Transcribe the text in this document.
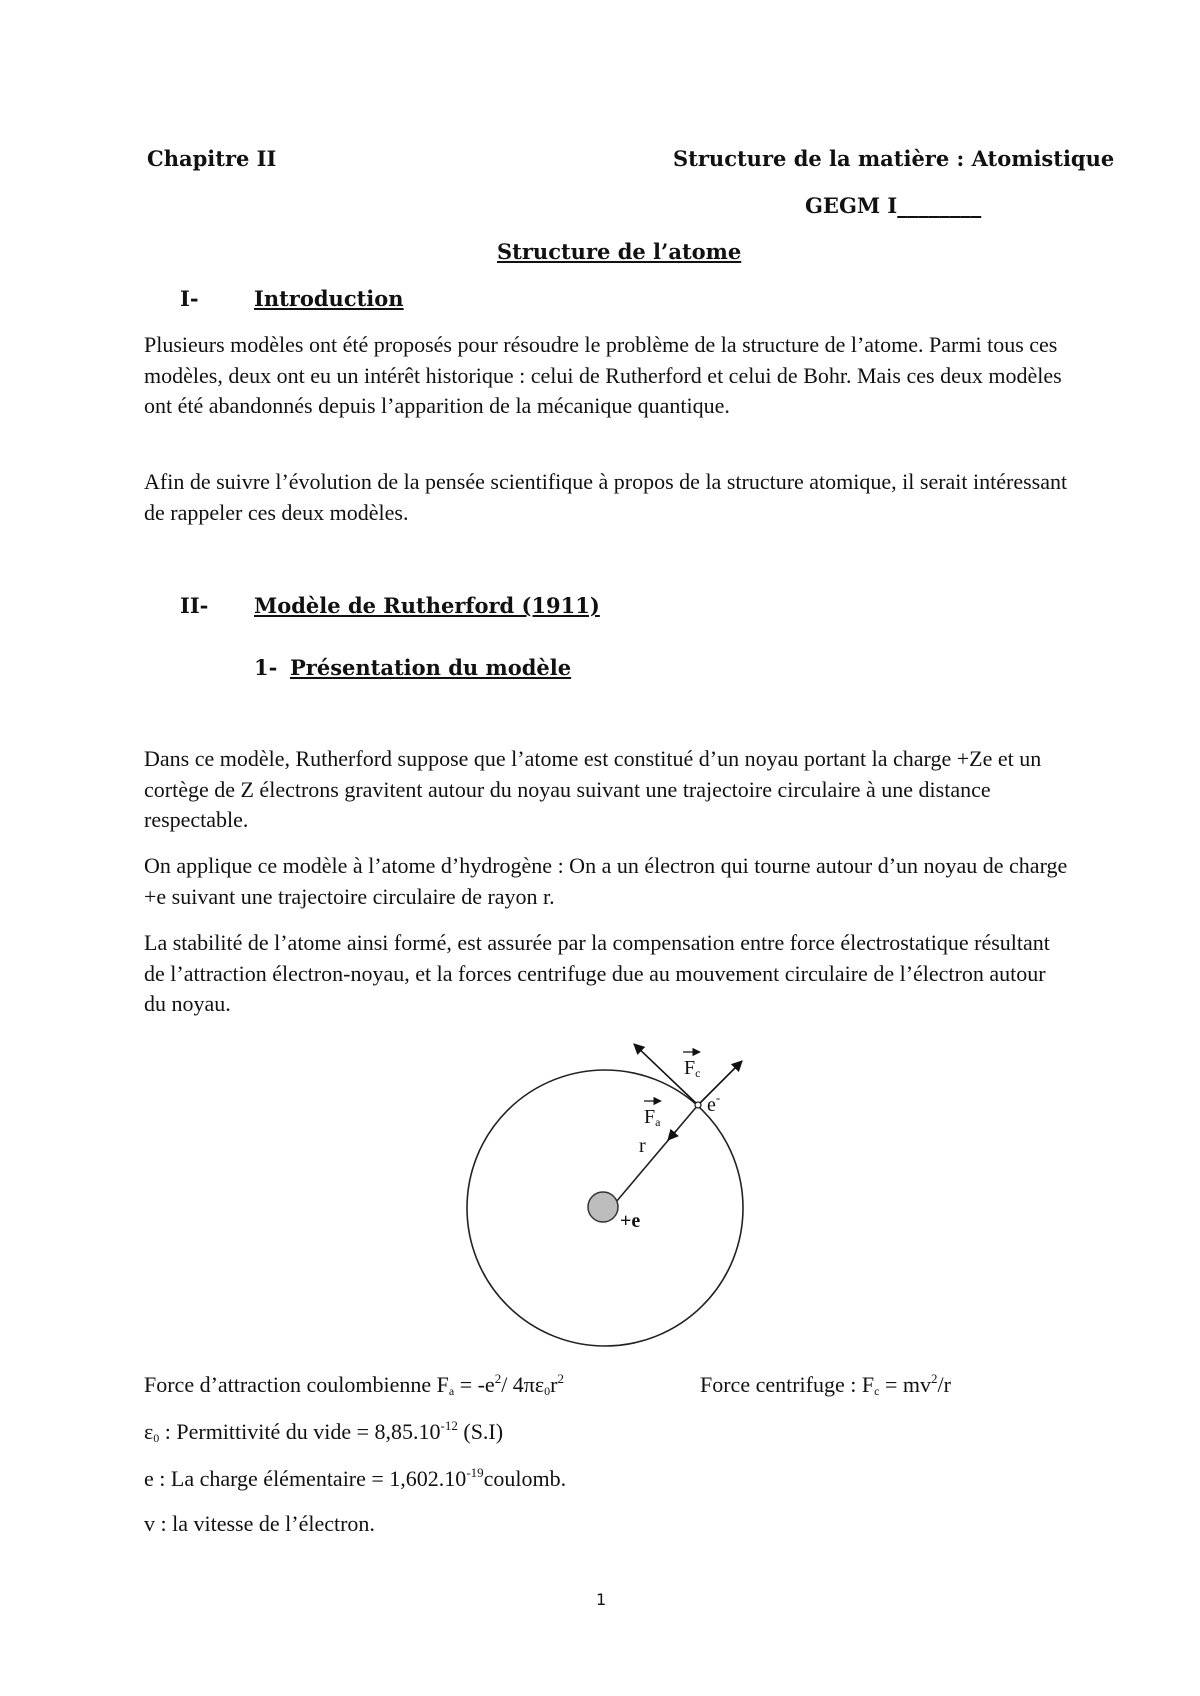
Chapitre II	Structure de la matière : Atomistique
GEGM I________
Structure de l’atome
I-	Introduction

Plusieurs modèles ont été proposés pour résoudre le problème de la structure de l’atome. Parmi tous ces modèles, deux ont eu un intérêt historique : celui de Rutherford et celui de Bohr. Mais ces deux modèles ont été abandonnés depuis l’apparition de la mécanique quantique.

Afin de suivre l’évolution de la pensée scientifique à propos de la structure atomique, il serait intéressant de rappeler ces deux modèles.

II- Modèle de Rutherford (1911)
1- Présentation du modèle

Dans ce modèle, Rutherford suppose que l’atome est constitué d’un noyau portant la charge +Ze et un cortège de Z électrons gravitent autour du noyau suivant une trajectoire circulaire à une distance respectable.

On applique ce modèle à l’atome d’hydrogène : On a un électron qui tourne autour d’un noyau de charge +e suivant une trajectoire circulaire de rayon r.

La stabilité de l’atome ainsi formé, est assurée par la compensation entre force électrostatique résultant de l’attraction électron-noyau, et la forces centrifuge due au mouvement circulaire de l’électron autour du noyau.

$F_c$
$F_a$
e-
r
+e
Force d’attraction coulombienne $F_a = -e^2/$ $4\pi\varepsilon_0r^2$	Force centrifuge : $F_c = mv^2/r$
$\varepsilon_0$ : Permittivité du vide = $8,85.10^{-12}$ (S.I)
e : La charge élémentaire = $1,602.10^{-19}coulomb$.
v : la vitesse de l’électron.
1
